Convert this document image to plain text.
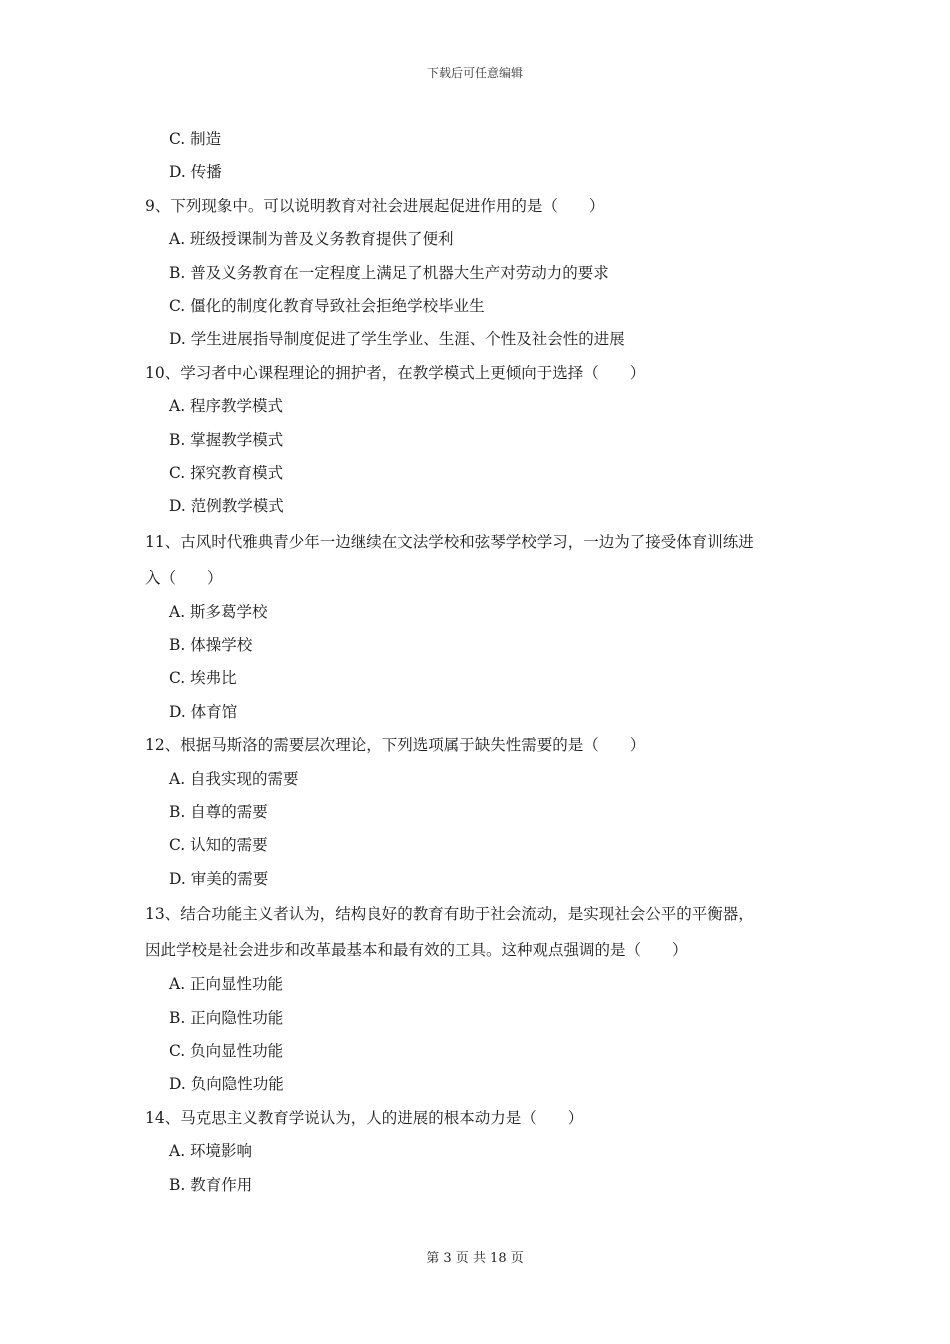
下载后可任意编辑
C. 制造
D. 传播
9、下列现象中。可以说明教育对社会进展起促进作用的是（　　）
A. 班级授课制为普及义务教育提供了便利
B. 普及义务教育在一定程度上满足了机器大生产对劳动力的要求
C. 僵化的制度化教育导致社会拒绝学校毕业生
D. 学生进展指导制度促进了学生学业、生涯、个性及社会性的进展
10、学习者中心课程理论的拥护者，在教学模式上更倾向于选择（　　）
A. 程序教学模式
B. 掌握教学模式
C. 探究教育模式
D. 范例教学模式
11、古风时代雅典青少年一边继续在文法学校和弦琴学校学习，一边为了接受体育训练进
入（　　）
A. 斯多葛学校
B. 体操学校
C. 埃弗比
D. 体育馆
12、根据马斯洛的需要层次理论，下列选项属于缺失性需要的是（　　）
A. 自我实现的需要
B. 自尊的需要
C. 认知的需要
D. 审美的需要
13、结合功能主义者认为，结构良好的教育有助于社会流动，是实现社会公平的平衡器，
因此学校是社会进步和改革最基本和最有效的工具。这种观点强调的是（　　）
A. 正向显性功能
B. 正向隐性功能
C. 负向显性功能
D. 负向隐性功能
14、马克思主义教育学说认为，人的进展的根本动力是（　　）
A. 环境影响
B. 教育作用
第 3 页 共 18 页
